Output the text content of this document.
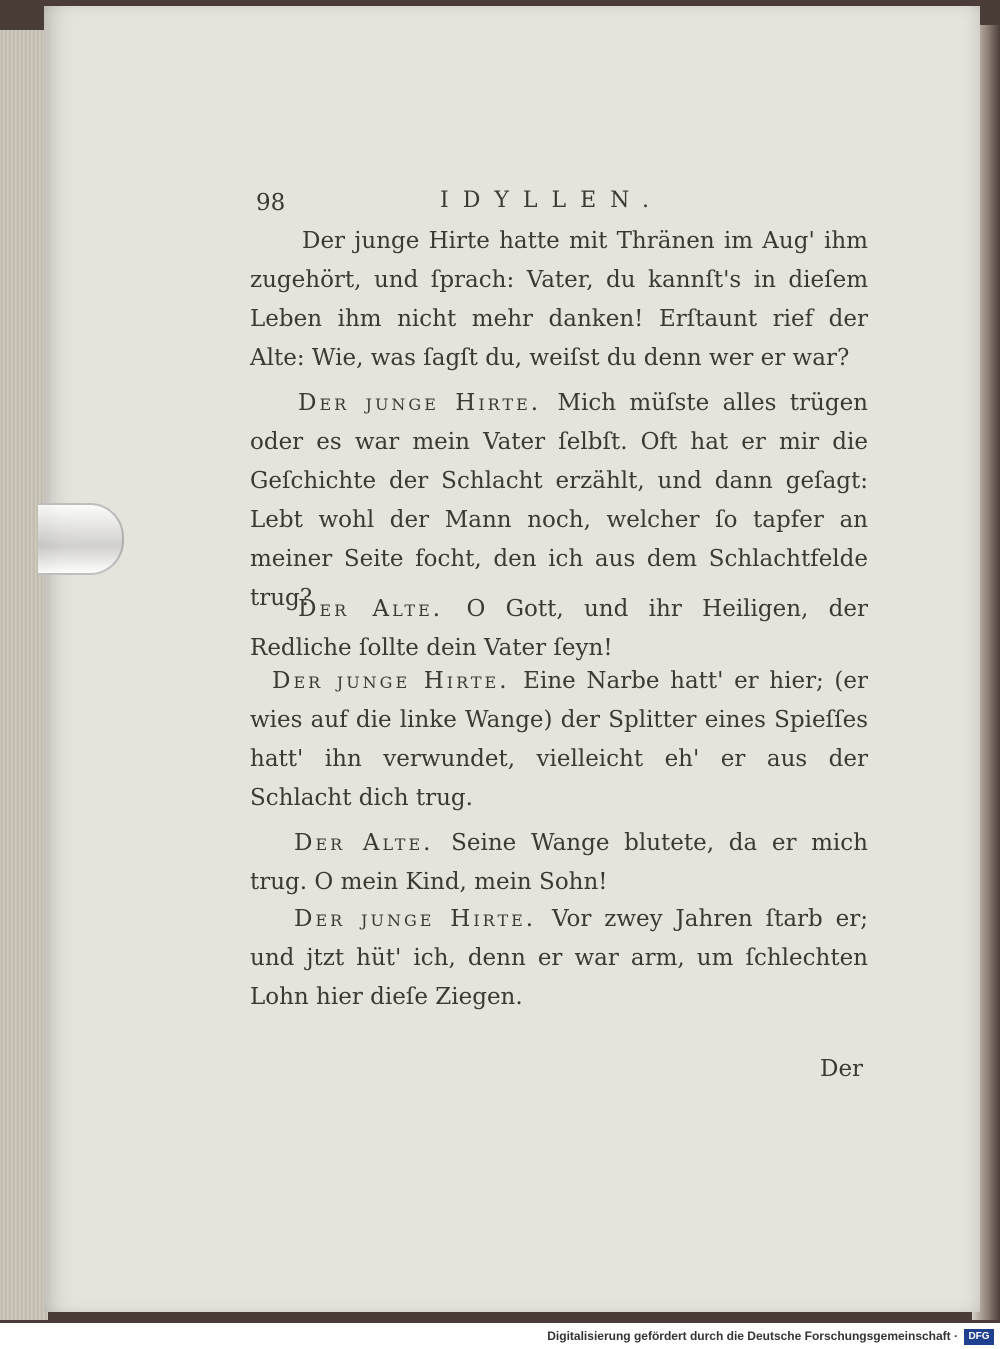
98	IDYLLEN.
Der junge Hirte hatte mit Thränen im Aug' ihm zugehört, und ſprach: Vater, du kannſt's in dieſem Leben ihm nicht mehr danken! Erſtaunt rief der Alte: Wie, was ſagſt du, weiſst du denn wer er war?
Der junge Hirte. Mich müſste alles trügen oder es war mein Vater ſelbſt. Oft hat er mir die Geſchichte der Schlacht erzählt, und dann geſagt: Lebt wohl der Mann noch, welcher ſo tapfer an meiner Seite focht, den ich aus dem Schlachtfelde trug?
Der Alte. O Gott, und ihr Heiligen, der Redliche ſollte dein Vater ſeyn!
Der junge Hirte. Eine Narbe hatt' er hier; (er wies auf die linke Wange) der Splitter eines Spieſſes hatt' ihn verwundet, vielleicht eh' er aus der Schlacht dich trug.
Der Alte. Seine Wange blutete, da er mich trug. O mein Kind, mein Sohn!
Der junge Hirte. Vor zwey Jahren ſtarb er; und jtzt hüt' ich, denn er war arm, um ſchlechten Lohn hier dieſe Ziegen.
Der
Digitalisierung gefördert durch die Deutsche Forschungsgemeinschaft ·	DFG
